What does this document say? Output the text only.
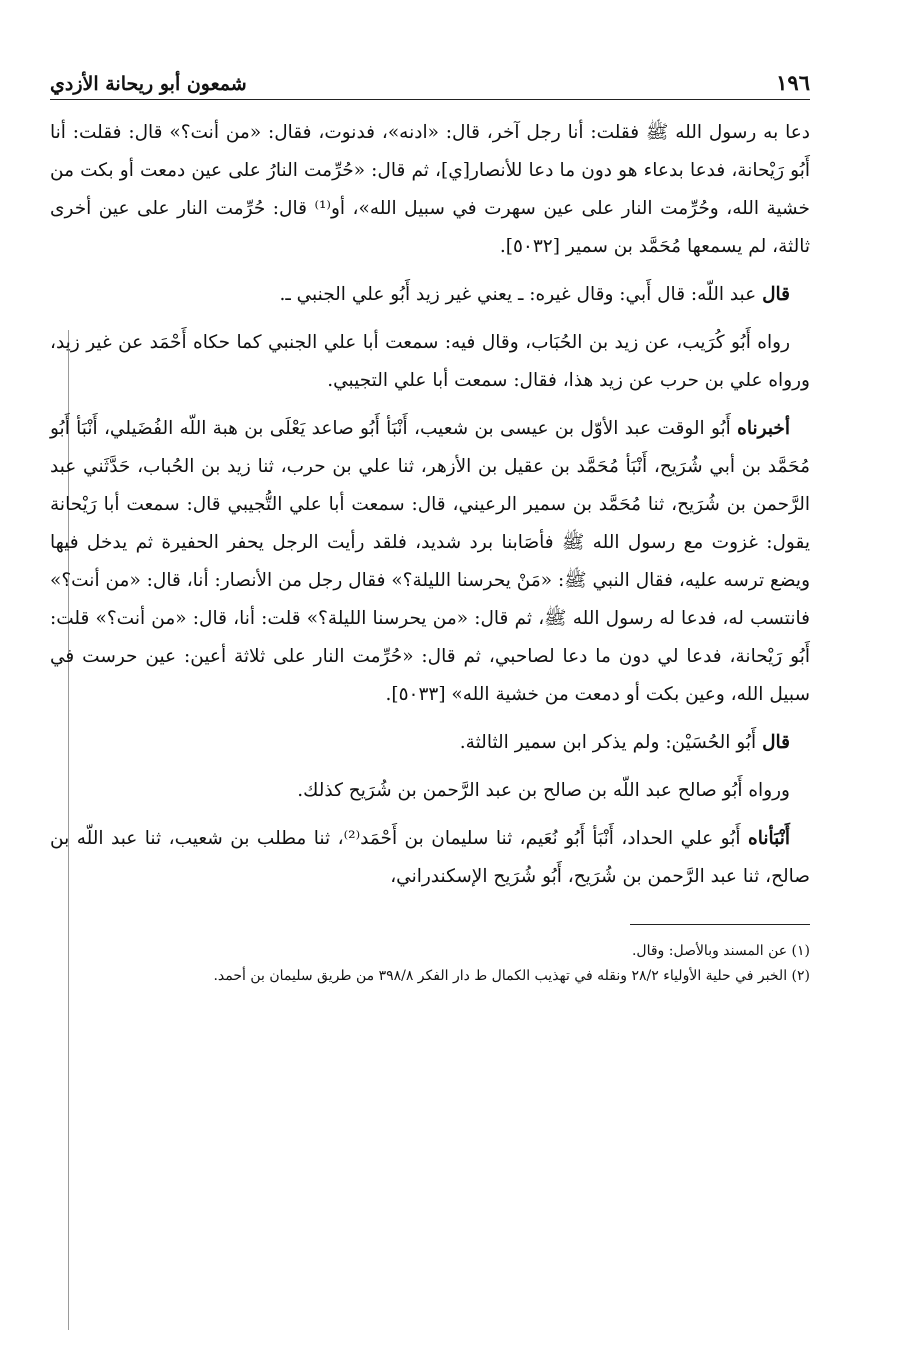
١٩٦
شمعون أبو ريحانة الأزدي

دعا به رسول الله ﷺ فقلت: أنا رجل آخر، قال: «ادنه»، فدنوت، فقال: «من أنت؟» قال: فقلت: أنا أَبُو رَيْحانة، فدعا بدعاء هو دون ما دعا للأنصار[ي]، ثم قال: «حُرِّمت النارُ على عين دمعت أو بكت من خشية الله، وحُرِّمت النار على عين سهرت في سبيل الله»، أو⁽¹⁾ قال: حُرِّمت النار على عين أخرى ثالثة، لم يسمعها مُحَمَّد بن سمير [٥٠٣٢].

قال عبد اللّه: قال أَبي: وقال غيره: ـ يعني غير زيد أَبُو علي الجنبي ـ.

رواه أَبُو كُرَيب، عن زيد بن الحُبَاب، وقال فيه: سمعت أبا علي الجنبي كما حكاه أَحْمَد عن غير زيد، ورواه علي بن حرب عن زيد هذا، فقال: سمعت أبا علي التجيبي.

أخبرناه أَبُو الوقت عبد الأوّل بن عيسى بن شعيب، أَنْبَأ أَبُو صاعد يَعْلَى بن هبة اللّه الفُضَيلي، أَنْبَأ أَبُو مُحَمَّد بن أبي شُرَيح، أَنْبَأ مُحَمَّد بن عقيل بن الأزهر، ثنا علي بن حرب، ثنا زيد بن الحُباب، حَدَّثَني عبد الرَّحمن بن شُرَيح، ثنا مُحَمَّد بن سمير الرعيني، قال: سمعت أبا علي التُّجيبي قال: سمعت أبا رَيْحانة يقول: غزوت مع رسول الله ﷺ فأصَابنا برد شديد، فلقد رأيت الرجل يحفر الحفيرة ثم يدخل فيها ويضع ترسه عليه، فقال النبي ﷺ: «مَنْ يحرسنا الليلة؟» فقال رجل من الأنصار: أنا، قال: «من أنت؟» فانتسب له، فدعا له رسول الله ﷺ، ثم قال: «من يحرسنا الليلة؟» قلت: أنا، قال: «من أنت؟» قلت: أَبُو رَيْحانة، فدعا لي دون ما دعا لصاحبي، ثم قال: «حُرِّمت النار على ثلاثة أعين: عين حرست في سبيل الله، وعين بكت أو دمعت من خشية الله» [٥٠٣٣].

قال أَبُو الحُسَيْن: ولم يذكر ابن سمير الثالثة.

ورواه أَبُو صالح عبد اللّه بن صالح بن عبد الرَّحمن بن شُرَيح كذلك.

أَنْبَأناه أَبُو علي الحداد، أَنْبَأ أَبُو نُعَيم، ثنا سليمان بن أَحْمَد⁽²⁾، ثنا مطلب بن شعيب، ثنا عبد اللّه بن صالح، ثنا عبد الرَّحمن بن شُرَيح، أَبُو شُرَيح الإسكندراني،

(١) عن المسند وبالأصل: وقال.

(٢) الخبر في حلية الأولياء ٢٨/٢ ونقله في تهذيب الكمال ط دار الفكر ٣٩٨/٨ من طريق سليمان بن أحمد.
